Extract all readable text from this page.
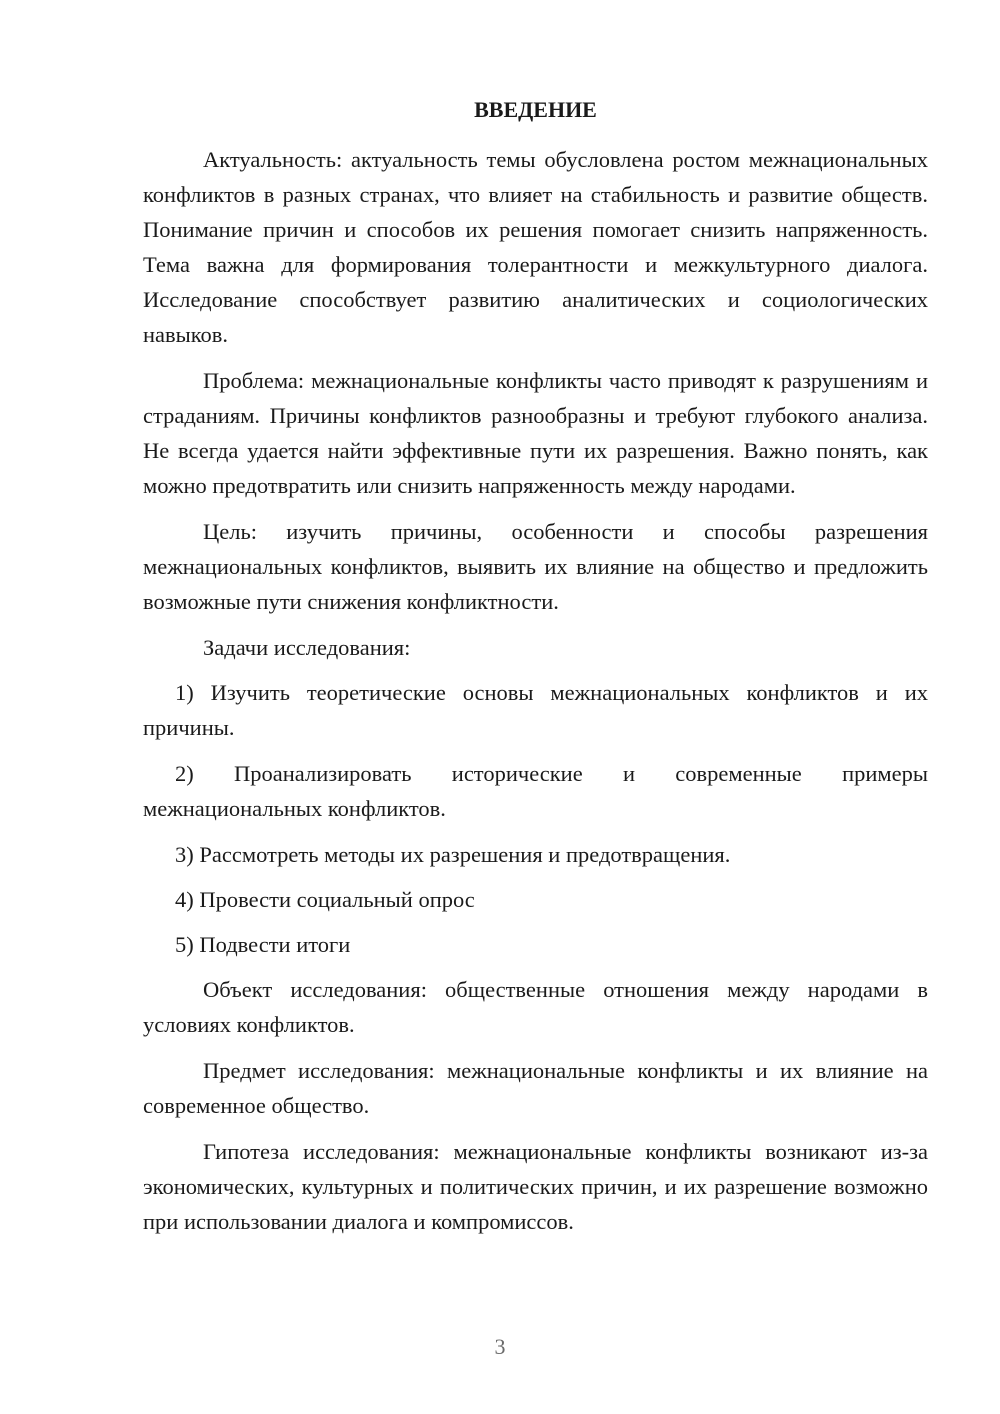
ВВЕДЕНИЕ

Актуальность: актуальность темы обусловлена ростом межнациональных конфликтов в разных странах, что влияет на стабильность и развитие обществ. Понимание причин и способов их решения помогает снизить напряженность. Тема важна для формирования толерантности и межкультурного диалога. Исследование способствует развитию аналитических и социологических навыков.

Проблема: межнациональные конфликты часто приводят к разрушениям и страданиям. Причины конфликтов разнообразны и требуют глубокого анализа. Не всегда удается найти эффективные пути их разрешения. Важно понять, как можно предотвратить или снизить напряженность между народами.

Цель: изучить причины, особенности и способы разрешения межнациональных конфликтов, выявить их влияние на общество и предложить возможные пути снижения конфликтности.

Задачи исследования:

1) Изучить теоретические основы межнациональных конфликтов и их причины.

2) Проанализировать исторические и современные примеры межнациональных конфликтов.

3) Рассмотреть методы их разрешения и предотвращения.

4) Провести социальный опрос

5) Подвести итоги

Объект исследования: общественные отношения между народами в условиях конфликтов.

Предмет исследования: межнациональные конфликты и их влияние на современное общество.

Гипотеза исследования: межнациональные конфликты возникают из-за экономических, культурных и политических причин, и их разрешение возможно при использовании диалога и компромиссов.

3
